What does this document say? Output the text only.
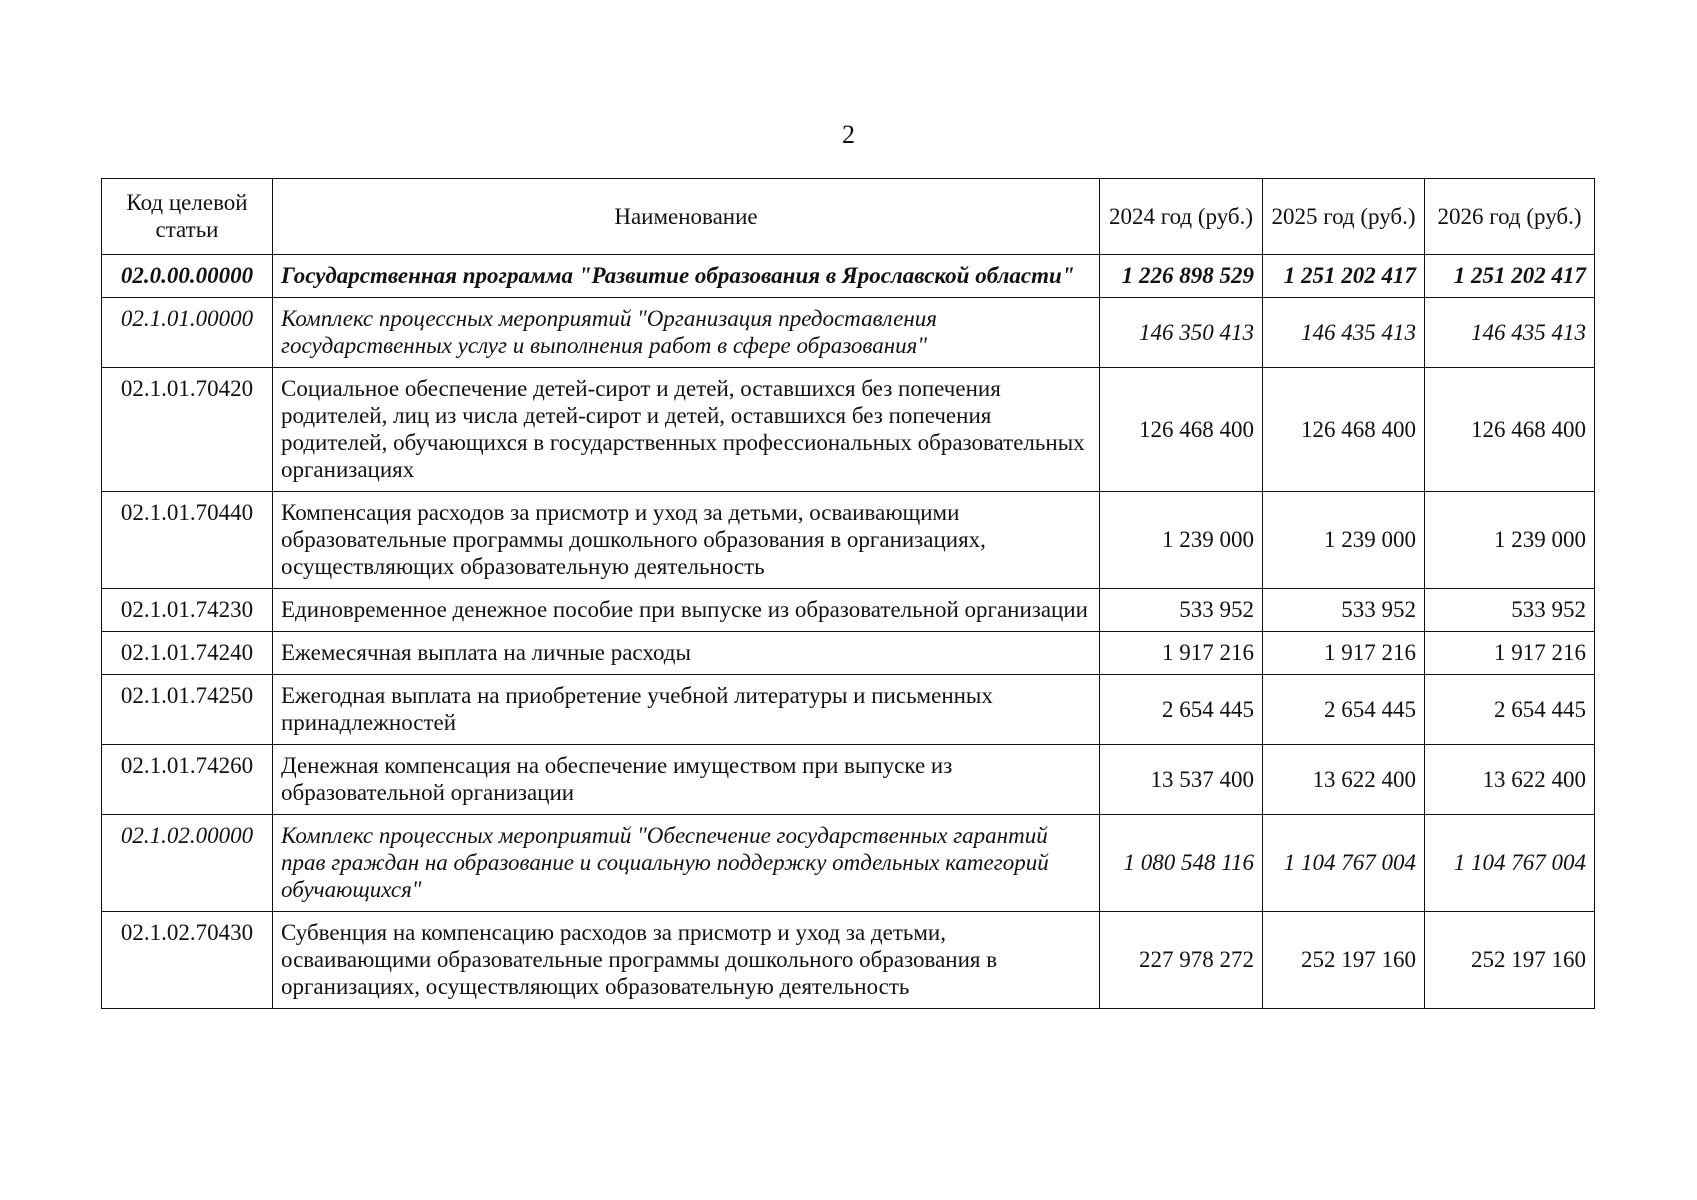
2
Код целевой статьи	Наименование	2024 год (руб.)	2025 год (руб.)	2026 год (руб.)
02.0.00.00000	Государственная программа "Развитие образования в Ярославской области"	1 226 898 529	1 251 202 417	1 251 202 417
02.1.01.00000	Комплекс процессных мероприятий "Организация предоставления государственных услуг и выполнения работ в сфере образования"	146 350 413	146 435 413	146 435 413
02.1.01.70420	Социальное обеспечение детей-сирот и детей, оставшихся без попечения родителей, лиц из числа детей-сирот и детей, оставшихся без попечения родителей, обучающихся в государственных профессиональных образовательных организациях	126 468 400	126 468 400	126 468 400
02.1.01.70440	Компенсация расходов за присмотр и уход за детьми, осваивающими образовательные программы дошкольного образования в организациях, осуществляющих образовательную деятельность	1 239 000	1 239 000	1 239 000
02.1.01.74230	Единовременное денежное пособие при выпуске из образовательной организации	533 952	533 952	533 952
02.1.01.74240	Ежемесячная выплата на личные расходы	1 917 216	1 917 216	1 917 216
02.1.01.74250	Ежегодная выплата на приобретение учебной литературы и письменных принадлежностей	2 654 445	2 654 445	2 654 445
02.1.01.74260	Денежная компенсация на обеспечение имуществом при выпуске из образовательной организации	13 537 400	13 622 400	13 622 400
02.1.02.00000	Комплекс процессных мероприятий "Обеспечение государственных гарантий прав граждан на образование и социальную поддержку отдельных категорий обучающихся"	1 080 548 116	1 104 767 004	1 104 767 004
02.1.02.70430	Субвенция на компенсацию расходов за присмотр и уход за детьми, осваивающими образовательные программы дошкольного образования в организациях, осуществляющих образовательную деятельность	227 978 272	252 197 160	252 197 160
